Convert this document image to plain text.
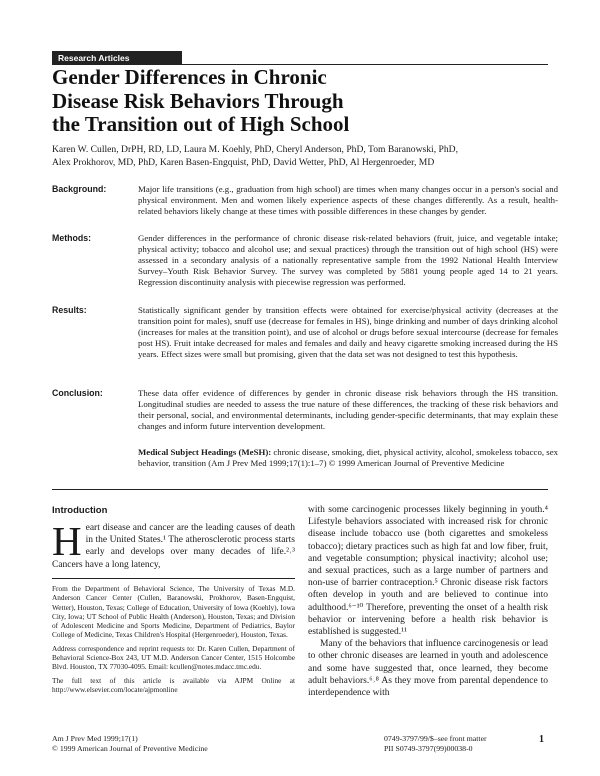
Research Articles
Gender Differences in Chronic
Disease Risk Behaviors Through
the Transition out of High School
Karen W. Cullen, DrPH, RD, LD, Laura M. Koehly, PhD, Cheryl Anderson, PhD, Tom Baranowski, PhD,
Alex Prokhorov, MD, PhD, Karen Basen-Engquist, PhD, David Wetter, PhD, Al Hergenroeder, MD
Background:	Major life transitions (e.g., graduation from high school) are times when many changes occur in a person's social and physical environment. Men and women likely experience aspects of these changes differently. As a result, health-related behaviors likely change at these times with possible differences in these changes by gender.
Methods:	Gender differences in the performance of chronic disease risk-related behaviors (fruit, juice, and vegetable intake; physical activity; tobacco and alcohol use; and sexual practices) through the transition out of high school (HS) were assessed in a secondary analysis of a nationally representative sample from the 1992 National Health Interview Survey–Youth Risk Behavior Survey. The survey was completed by 5881 young people aged 14 to 21 years. Regression discontinuity analysis with piecewise regression was performed.
Results:	Statistically significant gender by transition effects were obtained for exercise/physical activity (decreases at the transition point for males), snuff use (decrease for females in HS), binge drinking and number of days drinking alcohol (increases for males at the transition point), and use of alcohol or drugs before sexual intercourse (decrease for females post HS). Fruit intake decreased for males and females and daily and heavy cigarette smoking increased during the HS years. Effect sizes were small but promising, given that the data set was not designed to test this hypothesis.
Conclusion:	These data offer evidence of differences by gender in chronic disease risk behaviors through the HS transition. Longitudinal studies are needed to assess the true nature of these differences, the tracking of these risk behaviors and their personal, social, and environmental determinants, including gender-specific determinants, that may explain these changes and inform future intervention development.
Medical Subject Headings (MeSH): chronic disease, smoking, diet, physical activity, alcohol, smokeless tobacco, sex behavior, transition (Am J Prev Med 1999;17(1):1–7) © 1999 American Journal of Preventive Medicine
Introduction
Heart disease and cancer are the leading causes of death in the United States.¹ The atherosclerotic process starts early and develops over many decades of life.²˒³ Cancers have a long latency,

From the Department of Behavioral Science, The University of Texas M.D. Anderson Cancer Center (Cullen, Baranowski, Prokhorov, Basen-Engquist, Wetter), Houston, Texas; College of Education, University of Iowa (Koehly), Iowa City, Iowa; UT School of Public Health (Anderson), Houston, Texas; and Division of Adolescent Medicine and Sports Medicine, Department of Pediatrics, Baylor College of Medicine, Texas Children's Hospital (Hergenroeder), Houston, Texas.

Address correspondence and reprint requests to: Dr. Karen Cullen, Department of Behavioral Science-Box 243, UT M.D. Anderson Cancer Center, 1515 Holcombe Blvd. Houston, TX 77030-4095. Email: kcullen@notes.mdacc.tmc.edu.

The full text of this article is available via AJPM Online at http://www.elsevier.com/locate/ajpmonline

with some carcinogenic processes likely beginning in youth.⁴ Lifestyle behaviors associated with increased risk for chronic disease include tobacco use (both cigarettes and smokeless tobacco); dietary practices such as high fat and low fiber, fruit, and vegetable consumption; physical inactivity; alcohol use; and sexual practices, such as a large number of partners and non-use of barrier contraception.⁵ Chronic disease risk factors often develop in youth and are believed to continue into adulthood.⁶⁻¹⁰ Therefore, preventing the onset of a health risk behavior or intervening before a health risk behavior is established is suggested.¹¹
Many of the behaviors that influence carcinogenesis or lead to other chronic diseases are learned in youth and adolescence and some have suggested that, once learned, they become adult behaviors.⁶˒⁸ As they move from parental dependence to interdependence with
Am J Prev Med 1999;17(1)
© 1999 American Journal of Preventive Medicine
0749-3797/99/$–see front matter
PII S0749-3797(99)00038-0
1
